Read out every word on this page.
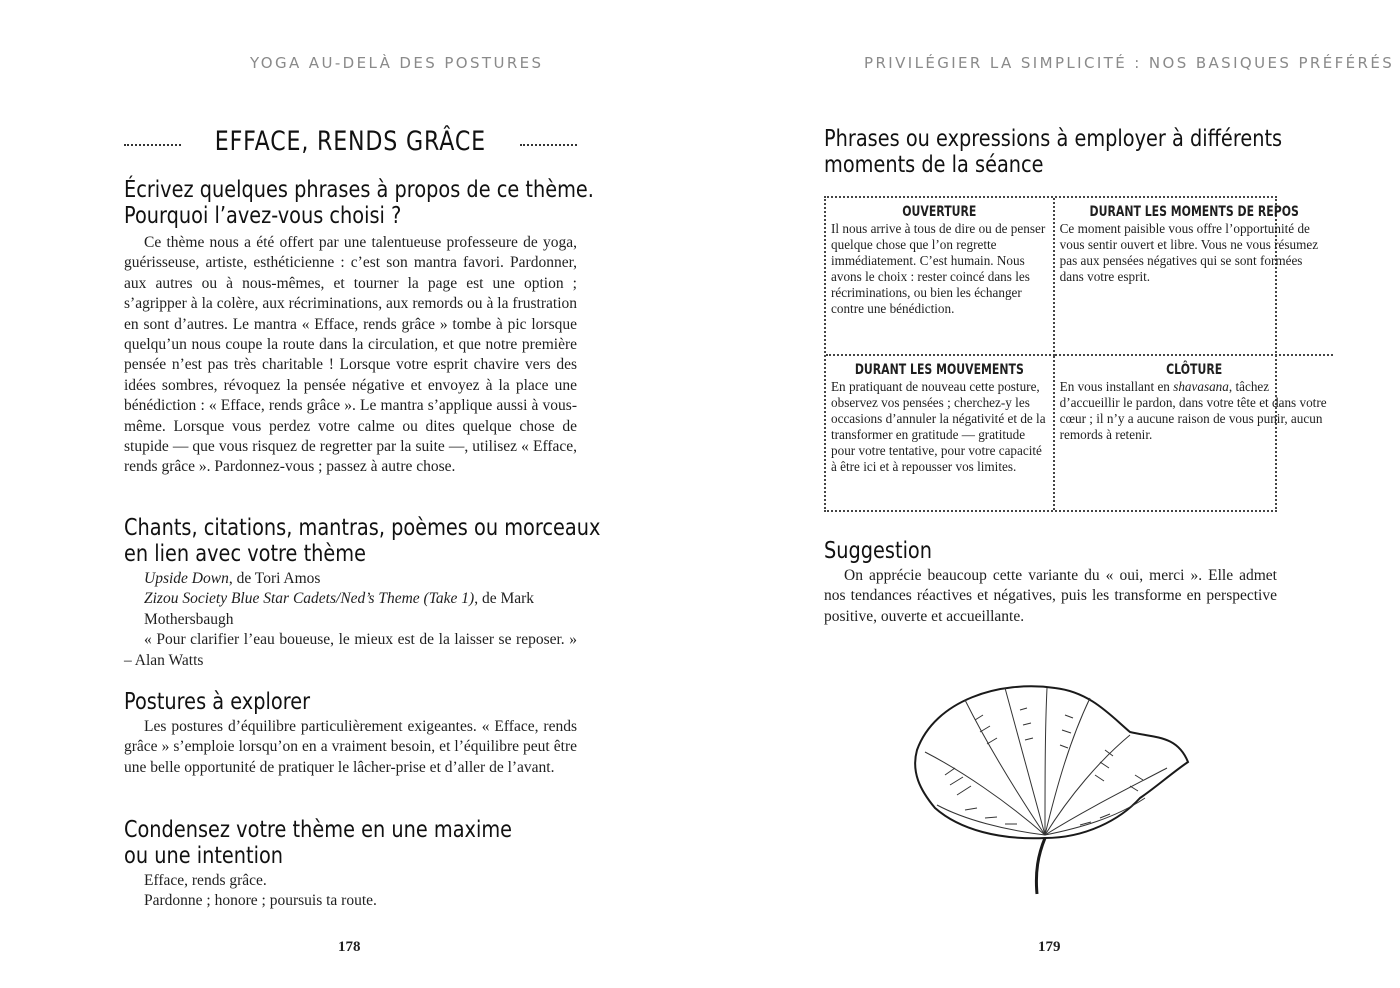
YOGA AU-DELÀ DES POSTURES
178
EFFACE, RENDS GRÂCE
Écrivez quelques phrases à propos de ce thème.
Pourquoi l’avez-vous choisi ?

Ce thème nous a été offert par une talentueuse professeure de yoga, guérisseuse, artiste, esthéticienne : c’est son mantra favori. Pardonner, aux autres ou à nous-mêmes, et tourner la page est une option ; s’agripper à la colère, aux récriminations, aux remords ou à la frustration en sont d’autres. Le mantra « Efface, rends grâce » tombe à pic lorsque quelqu’un nous coupe la route dans la circulation, et que notre première pensée n’est pas très charitable ! Lorsque votre esprit chavire vers des idées sombres, révoquez la pensée négative et envoyez à la place une bénédiction : « Efface, rends grâce ». Le mantra s’applique aussi à vous-même. Lorsque vous perdez votre calme ou dites quelque chose de stupide — que vous risquez de regretter par la suite —, utilisez « Efface, rends grâce ». Pardonnez-vous ; passez à autre chose.

Chants, citations, mantras, poèmes ou morceaux
en lien avec votre thème
Upside Down, de Tori Amos
Zizou Society Blue Star Cadets/Ned’s Theme (Take 1), de Mark Mothersbaugh

« Pour clarifier l’eau boueuse, le mieux est de la laisser se reposer. » – Alan Watts

Postures à explorer

Les postures d’équilibre particulièrement exigeantes. « Efface, rends grâce » s’emploie lorsqu’on en a vraiment besoin, et l’équilibre peut être une belle opportunité de pratiquer le lâcher-prise et d’aller de l’avant.

Condensez votre thème en une maxime
ou une intention
Efface, rends grâce.
Pardonne ; honore ; poursuis ta route.
PRIVILÉGIER LA SIMPLICITÉ : NOS BASIQUES PRÉFÉRÉS
179
Phrases ou expressions à employer à différents
moments de la séance
OUVERTURE
Il nous arrive à tous de dire ou de penser quelque chose que l’on regrette immédiatement. C’est humain. Nous avons le choix : rester coincé dans les récriminations, ou bien les échanger contre une bénédiction.
DURANT LES MOMENTS DE REPOS
Ce moment paisible vous offre l’opportunité de vous sentir ouvert et libre. Vous ne vous résumez pas aux pensées négatives qui se sont formées dans votre esprit.
DURANT LES MOUVEMENTS
En pratiquant de nouveau cette posture, observez vos pensées ; cherchez-y les occasions d’annuler la négativité et de la transformer en gratitude — gratitude pour votre tentative, pour votre capacité à être ici et à repousser vos limites.
CLÔTURE
En vous installant en shavasana, tâchez d’accueillir le pardon, dans votre tête et dans votre cœur ; il n’y a aucune raison de vous punir, aucun remords à retenir.
Suggestion

On apprécie beaucoup cette variante du « oui, merci ». Elle admet nos tendances réactives et négatives, puis les transforme en perspective positive, ouverte et accueillante.
